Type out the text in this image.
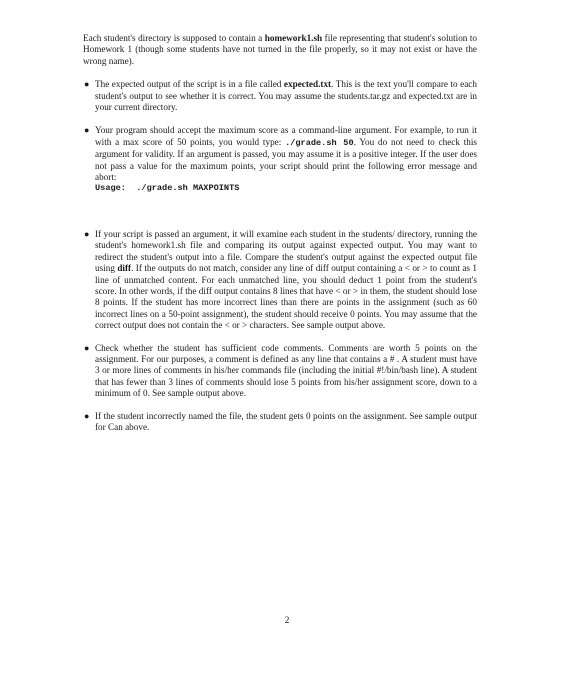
Each student's directory is supposed to contain a homework1.sh file representing that student's solution to Homework 1 (though some students have not turned in the file properly, so it may not exist or have the wrong name).

● The expected output of the script is in a file called expected.txt. This is the text you'll compare to each student's output to see whether it is correct. You may assume the students.tar.gz and expected.txt are in your current directory.

● Your program should accept the maximum score as a command-line argument. For example, to run it with a max score of 50 points, you would type: ./grade.sh 50. You do not need to check this argument for validity. If an argument is passed, you may assume it is a positive integer. If the user does not pass a value for the maximum points, your script should print the following error message and abort:

Usage:  ./grade.sh MAXPOINTS
● If your script is passed an argument, it will examine each student in the students/ directory, running the student's homework1.sh file and comparing its output against expected output. You may want to redirect the student's output into a file. Compare the student's output against the expected output file using diff. If the outputs do not match, consider any line of diff output containing a < or > to count as 1 line of unmatched content. For each unmatched line, you should deduct 1 point from the student's score. In other words, if the diff output contains 8 lines that have < or > in them, the student should lose 8 points. If the student has more incorrect lines than there are points in the assignment (such as 60 incorrect lines on a 50-point assignment), the student should receive 0 points. You may assume that the correct output does not contain the < or > characters. See sample output above.

● Check whether the student has sufficient code comments. Comments are worth 5 points on the assignment. For our purposes, a comment is defined as any line that contains a # . A student must have 3 or more lines of comments in his/her commands file (including the initial #!/bin/bash line). A student that has fewer than 3 lines of comments should lose 5 points from his/her assignment score, down to a minimum of 0. See sample output above.

● If the student incorrectly named the file, the student gets 0 points on the assignment. See sample output for Can above.

2
